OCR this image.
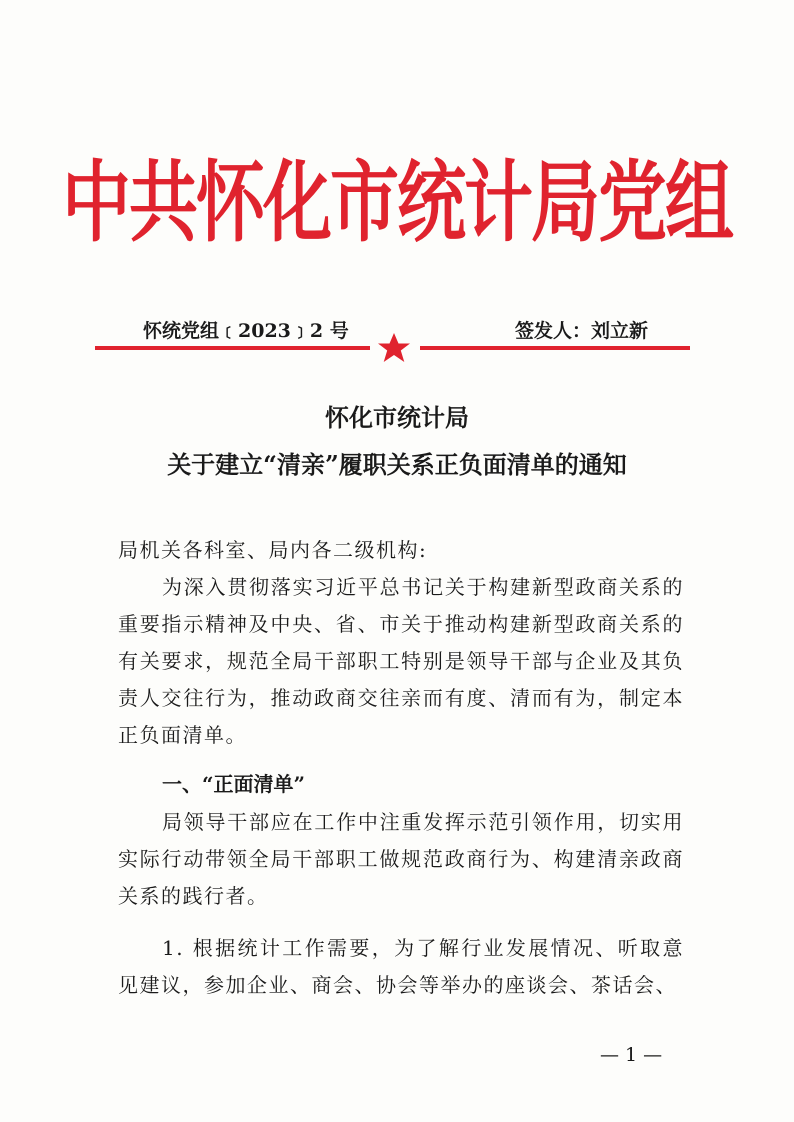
中共怀化市统计局党组
怀统党组﹝2023﹞2 号	签发人：刘立新
怀化市统计局
关于建立“清亲”履职关系正负面清单的通知
局机关各科室、局内各二级机构:
为深入贯彻落实习近平总书记关于构建新型政商关系的重要指示精神及中央、省、市关于推动构建新型政商关系的有关要求，规范全局干部职工特别是领导干部与企业及其负责人交往行为，推动政商交往亲而有度、清而有为，制定本正负面清单。
一、“正面清单”
局领导干部应在工作中注重发挥示范引领作用，切实用实际行动带领全局干部职工做规范政商行为、构建清亲政商关系的践行者。
1. 根据统计工作需要，为了解行业发展情况、听取意见建议，参加企业、商会、协会等举办的座谈会、茶话会、
— 1 —
